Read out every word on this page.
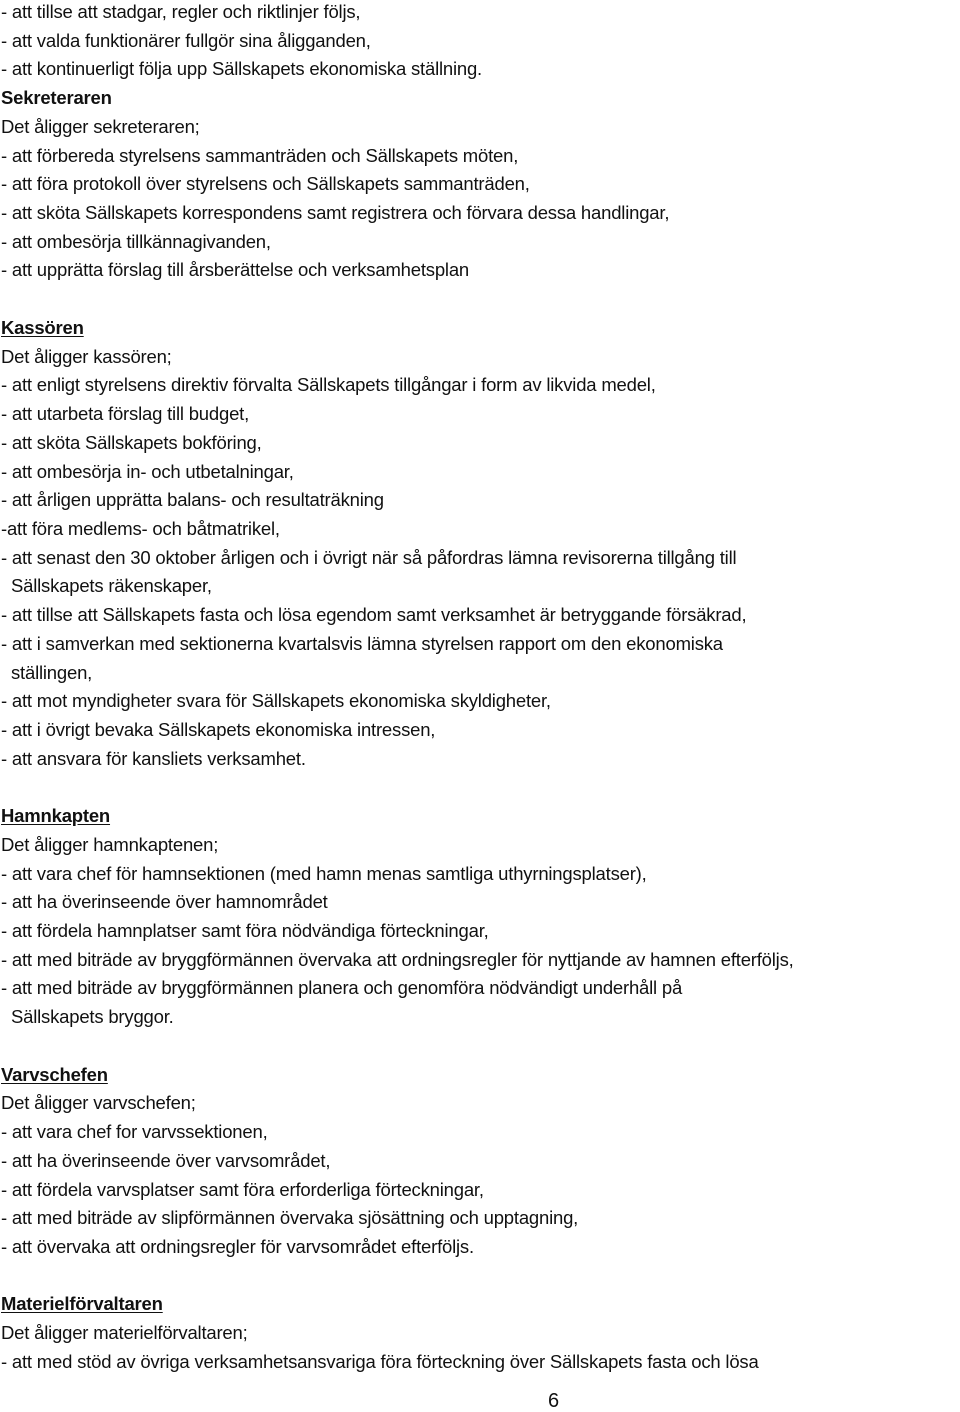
- att tillse att stadgar, regler och riktlinjer följs,
- att valda funktionärer fullgör sina åligganden,
- att kontinuerligt följa upp Sällskapets ekonomiska ställning.
Sekreteraren
Det åligger sekreteraren;
- att förbereda styrelsens sammanträden och Sällskapets möten,
- att föra protokoll över styrelsens och Sällskapets sammanträden,
- att sköta Sällskapets korrespondens samt registrera och förvara dessa handlingar,
- att ombesörja tillkännagivanden,
- att upprätta förslag till årsberättelse och verksamhetsplan
Kassören
Det åligger kassören;
- att enligt styrelsens direktiv förvalta Sällskapets tillgångar i form av likvida medel,
- att utarbeta förslag till budget,
- att sköta Sällskapets bokföring,
- att ombesörja in- och utbetalningar,
- att årligen upprätta balans- och resultaträkning
-att föra medlems- och båtmatrikel,
- att senast den 30 oktober årligen och i övrigt när så påfordras lämna revisorerna tillgång till
Sällskapets räkenskaper,
- att tillse att Sällskapets fasta och lösa egendom samt verksamhet är betryggande försäkrad,
- att i samverkan med sektionerna kvartalsvis lämna styrelsen rapport om den ekonomiska
ställingen,
- att mot myndigheter svara för Sällskapets ekonomiska skyldigheter,
- att i övrigt bevaka Sällskapets ekonomiska intressen,
- att ansvara för kansliets verksamhet.
Hamnkapten
Det åligger hamnkaptenen;
- att vara chef för hamnsektionen (med hamn menas samtliga uthyrningsplatser),
- att ha överinseende över hamnområdet
- att fördela hamnplatser samt föra nödvändiga förteckningar,
- att med biträde av bryggförmännen övervaka att ordningsregler för nyttjande av hamnen efterföljs,
- att med biträde av bryggförmännen planera och genomföra nödvändigt underhåll på
Sällskapets bryggor.
Varvschefen
Det åligger varvschefen;
- att vara chef for varvssektionen,
- att ha överinseende över varvsområdet,
- att fördela varvsplatser samt föra erforderliga förteckningar,
- att med biträde av slipförmännen övervaka sjösättning och upptagning,
- att övervaka att ordningsregler för varvsområdet efterföljs.
Materielförvaltaren
Det åligger materielförvaltaren;
- att med stöd av övriga verksamhetsansvariga föra förteckning över Sällskapets fasta och lösa
6
